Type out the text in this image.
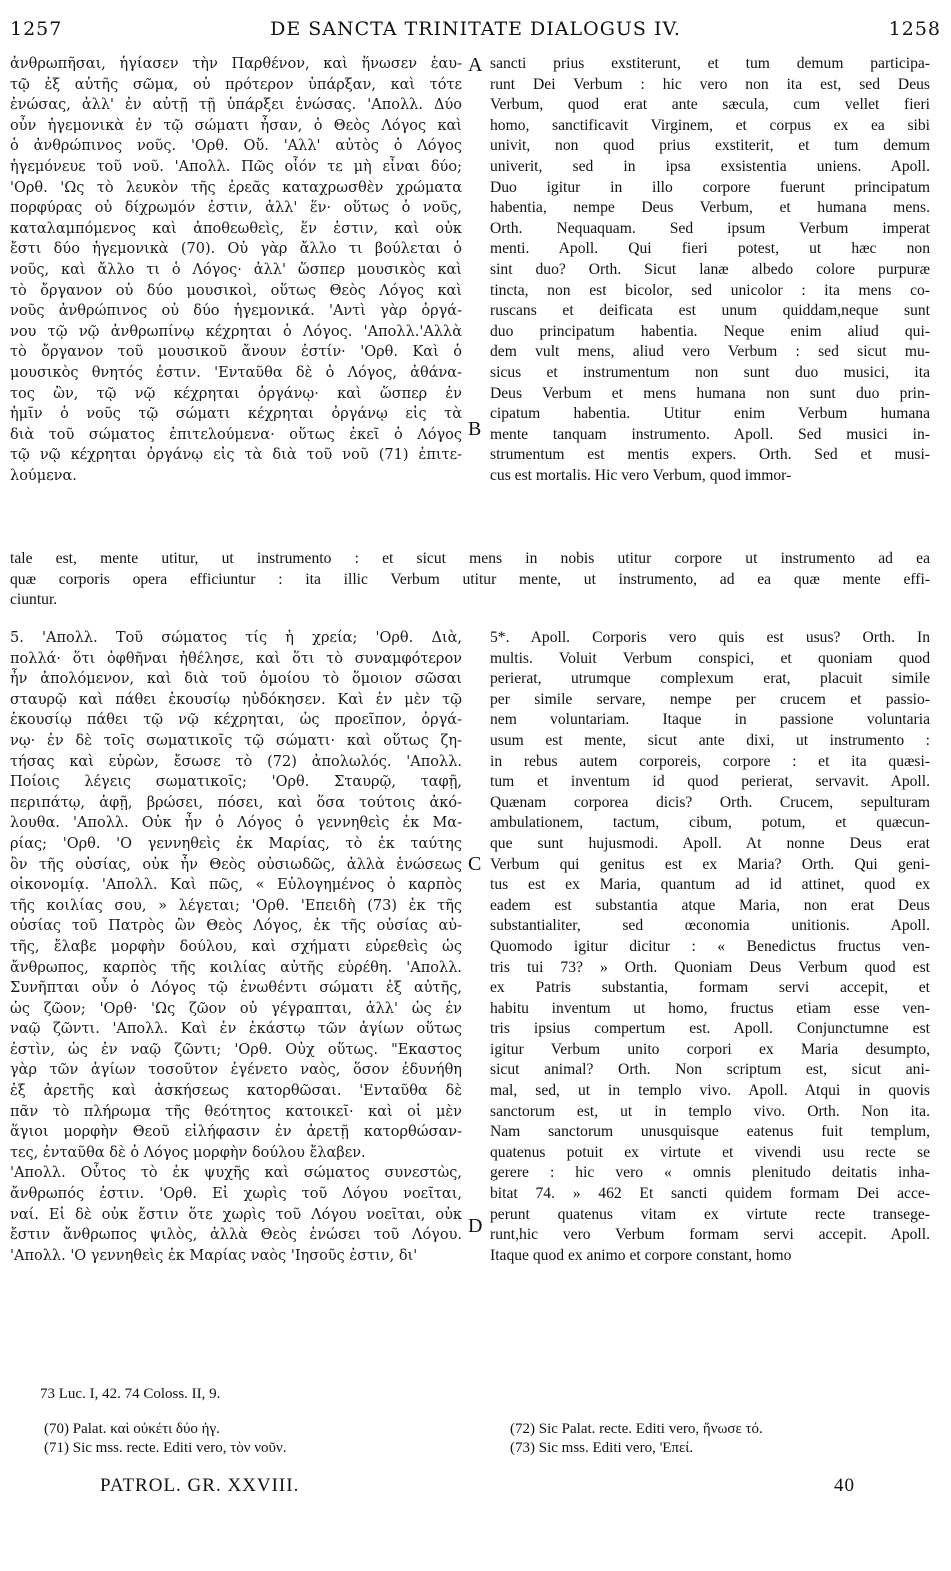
1257	DE SANCTA TRINITATE DIALOGUS IV.	1258

ἀνθρωπῆσαι, ἡγίασεν τὴν Παρθένον, καὶ ἥνωσεν ἑαυ-

τῷ ἐξ αὐτῆς σῶμα, οὐ πρότερον ὑπάρξαν, καὶ τότε

ἑνώσας, ἀλλ' ἐν αὐτῇ τῇ ὑπάρξει ἑνώσας. 'Απολλ. Δύο

οὖν ἡγεμονικὰ ἐν τῷ σώματι ἦσαν, ὁ Θεὸς Λόγος καὶ

ὁ ἀνθρώπινος νοῦς. 'Ορθ. Οὔ. 'Αλλ' αὐτὸς ὁ Λόγος

ἡγεμόνευε τοῦ νοῦ. 'Απολλ. Πῶς οἷόν τε μὴ εἶναι δύο;

'Ορθ. 'Ως τὸ λευκὸν τῆς ἐρεᾶς καταχρωσθὲν χρώματα

πορφύρας οὐ δίχρωμόν ἐστιν, ἀλλ' ἕν· οὕτως ὁ νοῦς,

καταλαμπόμενος καὶ ἀποθεωθεὶς, ἕν ἐστιν, καὶ οὐκ

ἔστι δύο ἡγεμονικὰ (70). Οὐ γὰρ ἄλλο τι βούλεται ὁ

νοῦς, καὶ ἄλλο τι ὁ Λόγος· ἀλλ' ὥσπερ μουσικὸς καὶ

τὸ ὄργανον οὐ δύο μουσικοὶ, οὕτως Θεὸς Λόγος καὶ

νοῦς ἀνθρώπινος οὐ δύο ἡγεμονικά. 'Αντὶ γὰρ ὀργά-

νου τῷ νῷ ἀνθρωπίνῳ κέχρηται ὁ Λόγος. 'Απολλ.'Αλλὰ

τὸ ὄργανον τοῦ μουσικοῦ ἄνουν ἐστίν· 'Ορθ. Καὶ ὁ

μουσικὸς θνητός ἐστιν. 'Ενταῦθα δὲ ὁ Λόγος, ἀθάνα-

τος ὢν, τῷ νῷ κέχρηται ὀργάνῳ· καὶ ὥσπερ ἐν

ἡμῖν ὁ νοῦς τῷ σώματι κέχρηται ὀργάνῳ εἰς τὰ

διὰ τοῦ σώματος ἐπιτελούμενα· οὕτως ἐκεῖ ὁ Λόγος

τῷ νῷ κέχρηται ὀργάνῳ εἰς τὰ διὰ τοῦ νοῦ (71) ἐπιτε-

λούμενα.

sancti prius exstiterunt, et tum demum participa-

runt Dei Verbum : hic vero non ita est, sed Deus

Verbum, quod erat ante sæcula, cum vellet fieri

homo, sanctificavit Virginem, et corpus ex ea sibi

univit, non quod prius exstiterit, et tum demum

univerit, sed in ipsa exsistentia uniens. Apoll.

Duo igitur in illo corpore fuerunt principatum

habentia, nempe Deus Verbum, et humana mens.

Orth. Nequaquam. Sed ipsum Verbum imperat

menti. Apoll. Qui fieri potest, ut hæc non

sint duo? Orth. Sicut lanæ albedo colore purpuræ

tincta, non est bicolor, sed unicolor : ita mens co-

ruscans et deificata est unum quiddam,neque sunt

duo principatum habentia. Neque enim aliud qui-

dem vult mens, aliud vero Verbum : sed sicut mu-

sicus et instrumentum non sunt duo musici, ita

Deus Verbum et mens humana non sunt duo prin-

cipatum habentia. Utitur enim Verbum humana

mente tanquam instrumento. Apoll. Sed musici in-

strumentum est mentis expers. Orth. Sed et musi-

cus est mortalis. Hic vero Verbum, quod immor-

A
B
C
D

tale est, mente utitur, ut instrumento : et sicut mens in nobis utitur corpore ut instrumento ad ea

quæ corporis opera efficiuntur : ita illic Verbum utitur mente, ut instrumento, ad ea quæ mente effi-

ciuntur.

5. 'Απολλ. Τοῦ σώματος τίς ἡ χρεία; 'Ορθ. Διὰ,

πολλά· ὅτι ὀφθῆναι ἠθέλησε, καὶ ὅτι τὸ συναμφότερον

ἦν ἀπολόμενον, καὶ διὰ τοῦ ὁμοίου τὸ ὅμοιον σῶσαι

σταυρῷ καὶ πάθει ἑκουσίῳ ηὐδόκησεν. Καὶ ἐν μὲν τῷ

ἑκουσίῳ πάθει τῷ νῷ κέχρηται, ὡς προεῖπον, ὀργά-

νῳ· ἐν δὲ τοῖς σωματικοῖς τῷ σώματι· καὶ οὕτως ζη-

τήσας καὶ εὑρὼν, ἔσωσε τὸ (72) ἀπολωλός. 'Απολλ.

Ποίοις λέγεις σωματικοῖς; 'Ορθ. Σταυρῷ, ταφῇ,

περιπάτῳ, ἁφῇ, βρώσει, πόσει, καὶ ὅσα τούτοις ἀκό-

λουθα. 'Απολλ. Οὐκ ἦν ὁ Λόγος ὁ γεννηθεὶς ἐκ Μα-

ρίας; 'Ορθ. 'Ο γεννηθεὶς ἐκ Μαρίας, τὸ ἐκ ταύτης

ὂν τῆς οὐσίας, οὐκ ἦν Θεὸς οὐσιωδῶς, ἀλλὰ ἑνώσεως

οἰκονομίᾳ. 'Απολλ. Καὶ πῶς, « Εὐλογημένος ὁ καρπὸς

τῆς κοιλίας σου, » λέγεται; 'Ορθ. 'Επειδὴ (73) ἐκ τῆς

οὐσίας τοῦ Πατρὸς ὢν Θεὸς Λόγος, ἐκ τῆς οὐσίας αὐ-

τῆς, ἔλαβε μορφὴν δούλου, καὶ σχήματι εὑρεθεὶς ὡς

ἄνθρωπος, καρπὸς τῆς κοιλίας αὐτῆς εὑρέθη. 'Απολλ.

Συνῆπται οὖν ὁ Λόγος τῷ ἑνωθέντι σώματι ἐξ αὐτῆς,

ὡς ζῶον; 'Ορθ· 'Ως ζῶον οὐ γέγραπται, ἀλλ' ὡς ἐν

ναῷ ζῶντι. 'Απολλ. Καὶ ἐν ἑκάστῳ τῶν ἁγίων οὕτως

ἐστὶν, ὡς ἐν ναῷ ζῶντι; 'Ορθ. Οὐχ οὕτως. "Εκαστος

γὰρ τῶν ἁγίων τοσοῦτον ἐγένετο ναὸς, ὅσον ἐδυνήθη

ἐξ ἀρετῆς καὶ ἀσκήσεως κατορθῶσαι. 'Ενταῦθα δὲ

πᾶν τὸ πλήρωμα τῆς θεότητος κατοικεῖ· καὶ οἱ μὲν

ἅγιοι μορφὴν Θεοῦ εἰλήφασιν ἐν ἀρετῇ κατορθώσαν-

τες, ἐνταῦθα δὲ ὁ Λόγος μορφὴν δούλου ἔλαβεν.

'Απολλ. Οὗτος τὸ ἐκ ψυχῆς καὶ σώματος συνεστὼς,

ἄνθρωπός ἐστιν. 'Ορθ. Εἰ χωρὶς τοῦ Λόγου νοεῖται,

ναί. Εἰ δὲ οὐκ ἔστιν ὅτε χωρὶς τοῦ Λόγου νοεῖται, οὐκ

ἔστιν ἄνθρωπος ψιλὸς, ἀλλὰ Θεὸς ἑνώσει τοῦ Λόγου.

'Απολλ. 'Ο γεννηθεὶς ἐκ Μαρίας ναὸς 'Ιησοῦς ἐστιν, δι'

5*. Apoll. Corporis vero quis est usus? Orth. In

multis. Voluit Verbum conspici, et quoniam quod

perierat, utrumque complexum erat, placuit simile

per simile servare, nempe per crucem et passio-

nem voluntariam. Itaque in passione voluntaria

usum est mente, sicut ante dixi, ut instrumento :

in rebus autem corporeis, corpore : et ita quæsi-

tum et inventum id quod perierat, servavit. Apoll.

Quænam corporea dicis? Orth. Crucem, sepulturam

ambulationem, tactum, cibum, potum, et quæcun-

que sunt hujusmodi. Apoll. At nonne Deus erat

Verbum qui genitus est ex Maria? Orth. Qui geni-

tus est ex Maria, quantum ad id attinet, quod ex

eadem est substantia atque Maria, non erat Deus

substantialiter, sed œconomia unitionis. Apoll.

Quomodo igitur dicitur : « Benedictus fructus ven-

tris tui 73? » Orth. Quoniam Deus Verbum quod est

ex Patris substantia, formam servi accepit, et

habitu inventum ut homo, fructus etiam esse ven-

tris ipsius compertum est. Apoll. Conjunctumne est

igitur Verbum unito corpori ex Maria desumpto,

sicut animal? Orth. Non scriptum est, sicut ani-

mal, sed, ut in templo vivo. Apoll. Atqui in quovis

sanctorum est, ut in templo vivo. Orth. Non ita.

Nam sanctorum unusquisque eatenus fuit templum,

quatenus potuit ex virtute et vivendi usu recte se

gerere : hic vero « omnis plenitudo deitatis inha-

bitat 74. » 462 Et sancti quidem formam Dei acce-

perunt quatenus vitam ex virtute recte transege-

runt,hic vero Verbum formam servi accepit. Apoll.

Itaque quod ex animo et corpore constant, homo

73 Luc. I, 42. 74 Coloss. II, 9.
(70) Palat. καὶ οὐκέτι δύο ἡγ.
(71) Sic mss. recte. Editi vero, τὸν νοῦν.
(72) Sic Palat. recte. Editi vero, ἥνωσε τό.
(73) Sic mss. Editi vero, 'Επεί.
PATROL. GR. XXVIII.	40
